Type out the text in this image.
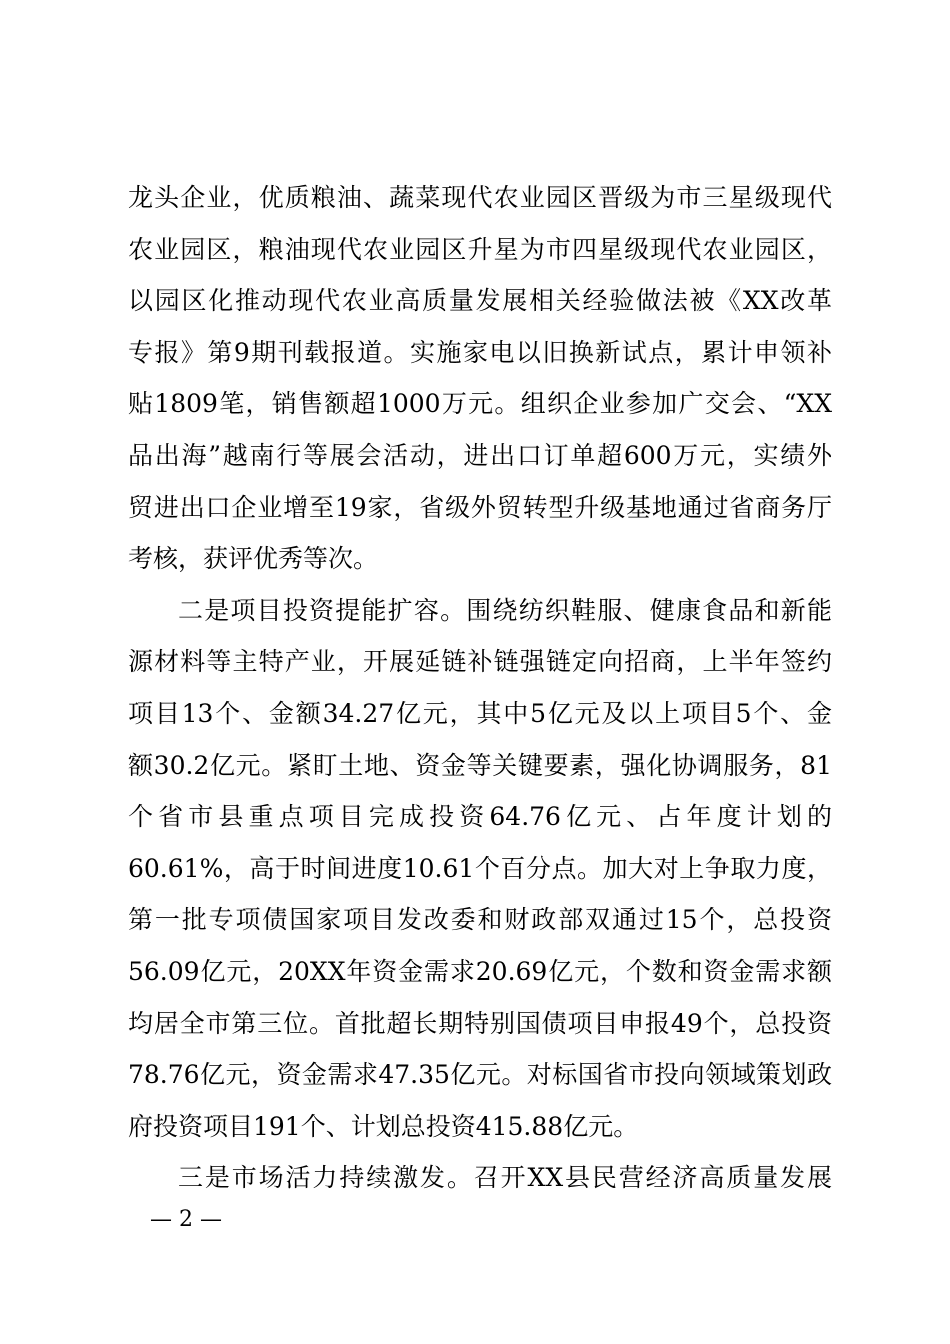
龙头企业，优质粮油、蔬菜现代农业园区晋级为市三星级现代
农业园区，粮油现代农业园区升星为市四星级现代农业园区，
以园区化推动现代农业高质量发展相关经验做法被《XX改革
专报》第9期刊载报道。实施家电以旧换新试点，累计申领补
贴1809笔，销售额超1000万元。组织企业参加广交会、“XX
品出海”越南行等展会活动，进出口订单超600万元，实绩外
贸进出口企业增至19家，省级外贸转型升级基地通过省商务厅
考核，获评优秀等次。
二是项目投资提能扩容。围绕纺织鞋服、健康食品和新能
源材料等主特产业，开展延链补链强链定向招商，上半年签约
项目13个、金额34.27亿元，其中5亿元及以上项目5个、金
额30.2亿元。紧盯土地、资金等关键要素，强化协调服务，81
个省市县重点项目完成投资64.76亿元、占年度计划的
60.61%，高于时间进度10.61个百分点。加大对上争取力度，
第一批专项债国家项目发改委和财政部双通过15个，总投资
56.09亿元，20XX年资金需求20.69亿元，个数和资金需求额
均居全市第三位。首批超长期特别国债项目申报49个，总投资
78.76亿元，资金需求47.35亿元。对标国省市投向领域策划政
府投资项目191个、计划总投资415.88亿元。
三是市场活力持续激发。召开XX县民营经济高质量发展
— 2 —
